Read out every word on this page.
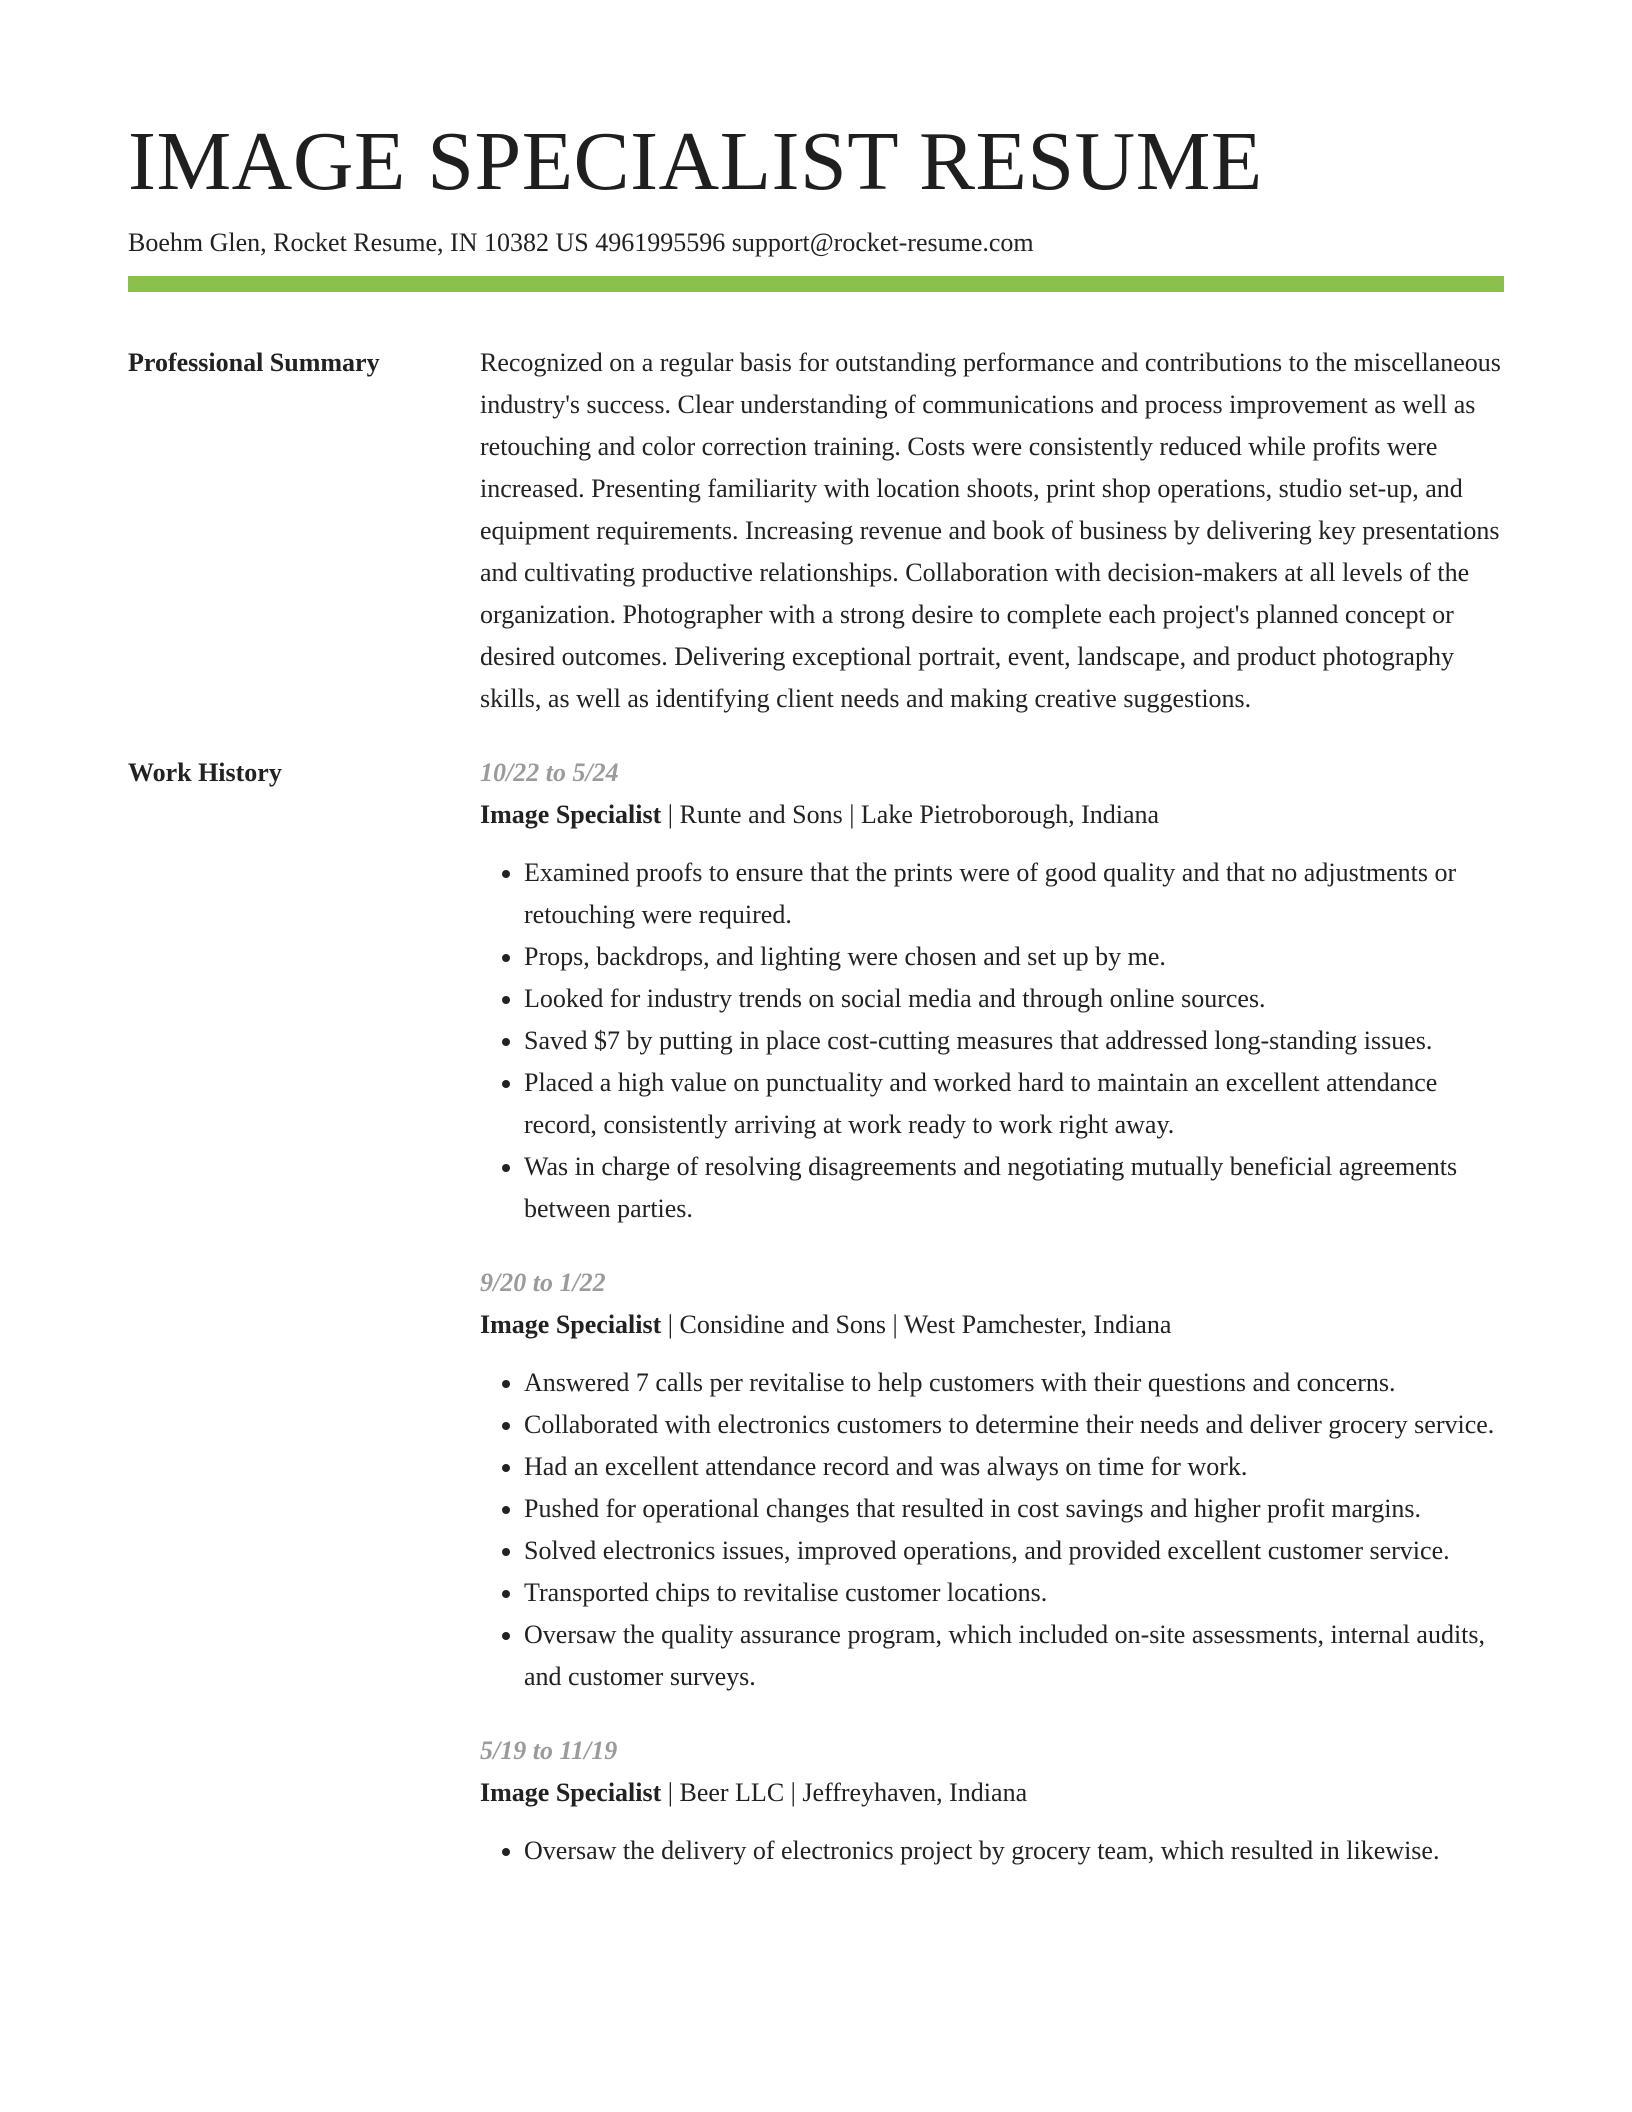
IMAGE SPECIALIST RESUME
Boehm Glen, Rocket Resume, IN 10382 US 4961995596 support@rocket-resume.com
Professional Summary	Recognized on a regular basis for outstanding performance and contributions to the miscellaneous industry's success. Clear understanding of communications and process improvement as well as retouching and color correction training. Costs were consistently reduced while profits were increased. Presenting familiarity with location shoots, print shop operations, studio set-up, and equipment requirements. Increasing revenue and book of business by delivering key presentations and cultivating productive relationships. Collaboration with decision-makers at all levels of the organization. Photographer with a strong desire to complete each project's planned concept or desired outcomes. Delivering exceptional portrait, event, landscape, and product photography skills, as well as identifying client needs and making creative suggestions.

Work History	10/22 to 5/24
Image Specialist | Runte and Sons | Lake Pietroborough, Indiana
• Examined proofs to ensure that the prints were of good quality and that no adjustments or retouching were required.
• Props, backdrops, and lighting were chosen and set up by me.
• Looked for industry trends on social media and through online sources.
• Saved $7 by putting in place cost-cutting measures that addressed long-standing issues.
• Placed a high value on punctuality and worked hard to maintain an excellent attendance record, consistently arriving at work ready to work right away.
• Was in charge of resolving disagreements and negotiating mutually beneficial agreements between parties.
9/20 to 1/22
Image Specialist | Considine and Sons | West Pamchester, Indiana
• Answered 7 calls per revitalise to help customers with their questions and concerns.
• Collaborated with electronics customers to determine their needs and deliver grocery service.
• Had an excellent attendance record and was always on time for work.
• Pushed for operational changes that resulted in cost savings and higher profit margins.
• Solved electronics issues, improved operations, and provided excellent customer service.
• Transported chips to revitalise customer locations.
• Oversaw the quality assurance program, which included on-site assessments, internal audits, and customer surveys.
5/19 to 11/19
Image Specialist | Beer LLC | Jeffreyhaven, Indiana
• Oversaw the delivery of electronics project by grocery team, which resulted in likewise.
